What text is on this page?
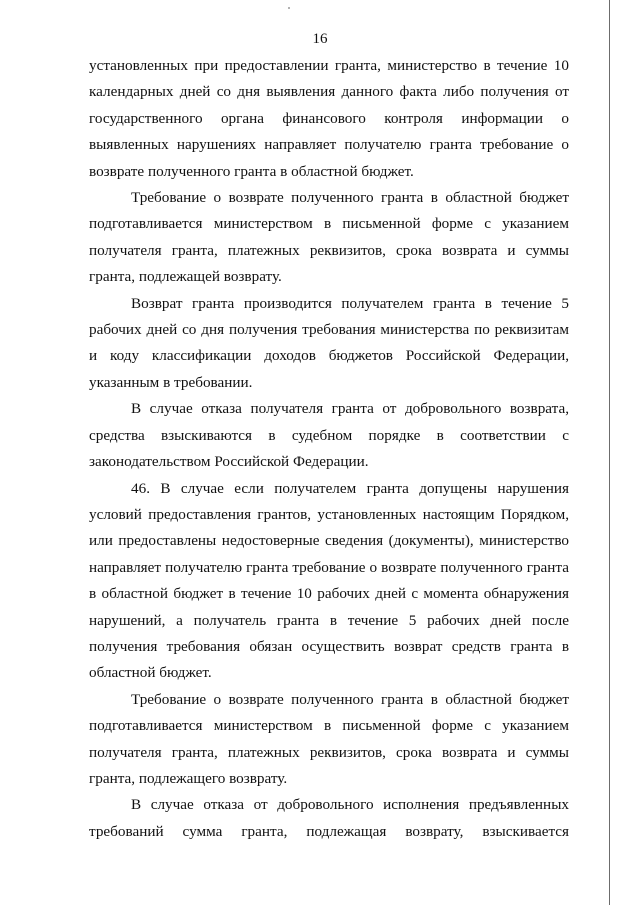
16

установленных при предоставлении гранта, министерство в течение 10 календарных дней со дня выявления данного факта либо получения от государственного органа финансового контроля информации о выявленных нарушениях направляет получателю гранта требование о возврате полученного гранта в областной бюджет.

Требование о возврате полученного гранта в областной бюджет подготавливается министерством в письменной форме с указанием получателя гранта, платежных реквизитов, срока возврата и суммы гранта, подлежащей возврату.

Возврат гранта производится получателем гранта в течение 5 рабочих дней со дня получения требования министерства по реквизитам и коду классификации доходов бюджетов Российской Федерации, указанным в требовании.

В случае отказа получателя гранта от добровольного возврата, средства взыскиваются в судебном порядке в соответствии с законодательством Российской Федерации.

46. В случае если получателем гранта допущены нарушения условий предоставления грантов, установленных настоящим Порядком, или предоставлены недостоверные сведения (документы), министерство направляет получателю гранта требование о возврате полученного гранта в областной бюджет в течение 10 рабочих дней с момента обнаружения нарушений, а получатель гранта в течение 5 рабочих дней после получения требования обязан осуществить возврат средств гранта в областной бюджет.

Требование о возврате полученного гранта в областной бюджет подготавливается министерством в письменной форме с указанием получателя гранта, платежных реквизитов, срока возврата и суммы гранта, подлежащего возврату.

В случае отказа от добровольного исполнения предъявленных требований сумма гранта, подлежащая возврату, взыскивается
